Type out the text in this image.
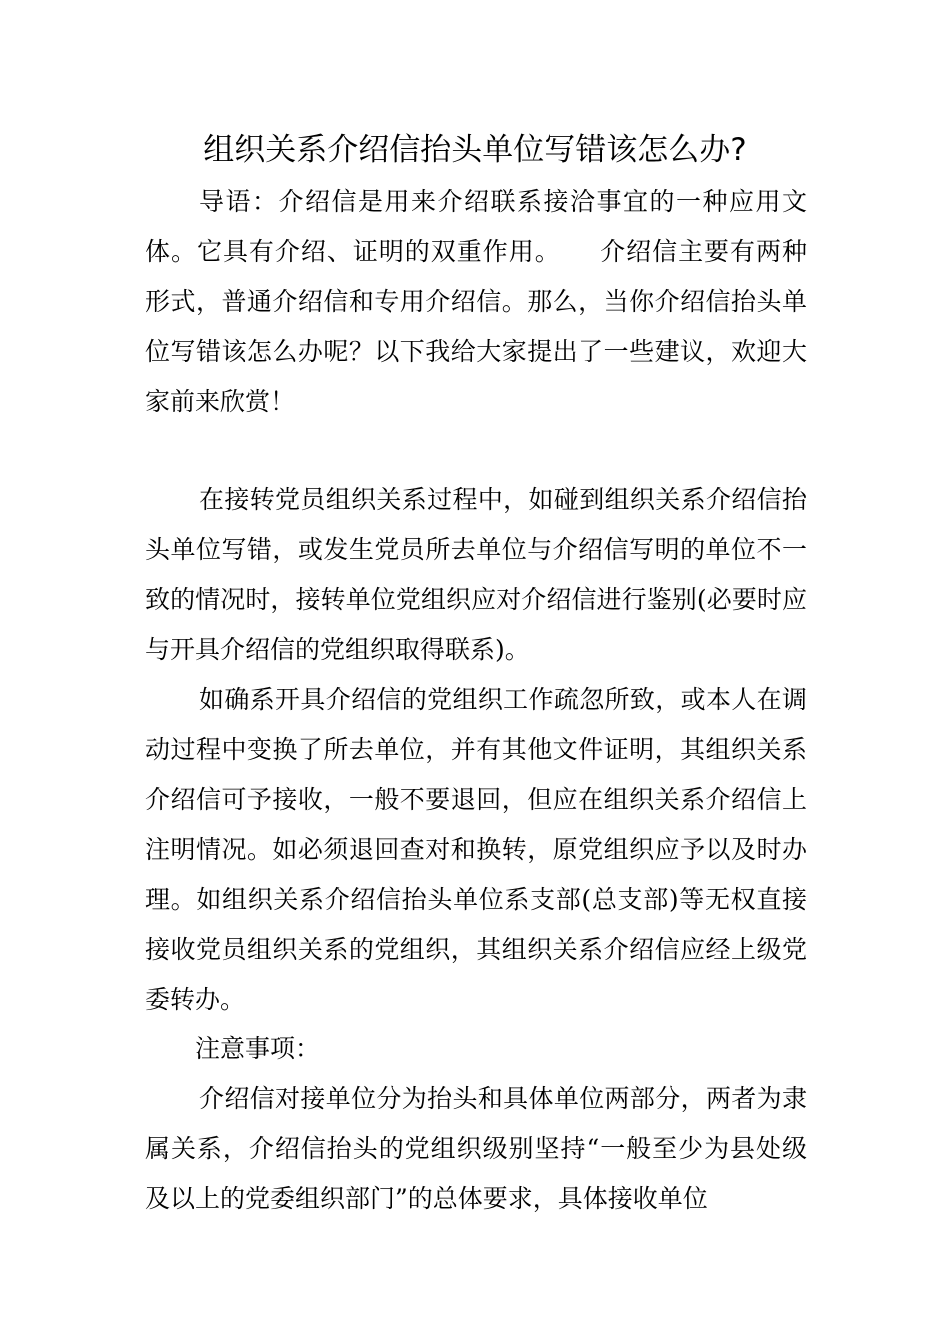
组织关系介绍信抬头单位写错该怎么办?

导语：介绍信是用来介绍联系接洽事宜的一种应用文体。它具有介绍、证明的双重作用。　　介绍信主要有两种形式，普通介绍信和专用介绍信。那么，当你介绍信抬头单位写错该怎么办呢？以下我给大家提出了一些建议，欢迎大家前来欣赏！

在接转党员组织关系过程中，如碰到组织关系介绍信抬头单位写错，或发生党员所去单位与介绍信写明的单位不一致的情况时，接转单位党组织应对介绍信进行鉴别(必要时应与开具介绍信的党组织取得联系)。

如确系开具介绍信的党组织工作疏忽所致，或本人在调动过程中变换了所去单位，并有其他文件证明，其组织关系介绍信可予接收，一般不要退回，但应在组织关系介绍信上注明情况。如必须退回查对和换转，原党组织应予以及时办理。如组织关系介绍信抬头单位系支部(总支部)等无权直接接收党员组织关系的党组织，其组织关系介绍信应经上级党委转办。

注意事项：

介绍信对接单位分为抬头和具体单位两部分，两者为隶属关系，介绍信抬头的党组织级别坚持“一般至少为县处级及以上的党委组织部门”的总体要求，具体接收单位
